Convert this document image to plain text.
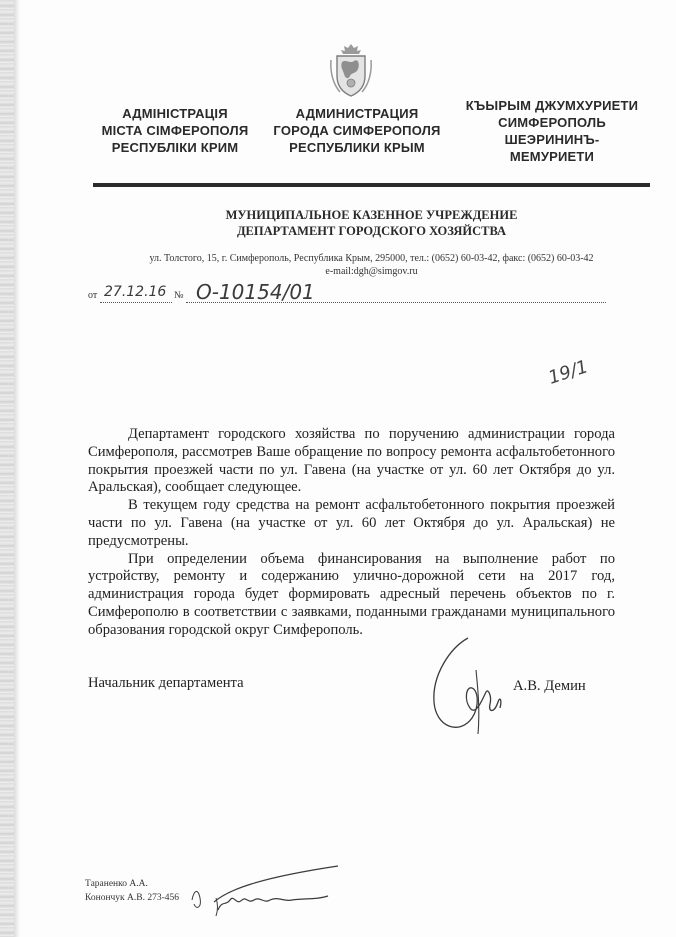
АДМІНІСТРАЦІЯ
МІСТА СІМФЕРОПОЛЯ
РЕСПУБЛІКИ КРИМ
АДМИНИСТРАЦИЯ
ГОРОДА СИМФЕРОПОЛЯ
РЕСПУБЛИКИ КРЫМ
КЪЫРЫМ ДЖУМХУРИЕТИ
СИМФЕРОПОЛЬ
ШЕЭРИНИНЪ-
МЕМУРИЕТИ
МУНИЦИПАЛЬНОЕ КАЗЕННОЕ УЧРЕЖДЕНИЕ
ДЕПАРТАМЕНТ ГОРОДСКОГО ХОЗЯЙСТВА
ул. Толстого, 15, г. Симферополь, Республика Крым, 295000, тел.: (0652) 60-03-42, факс: (0652) 60-03-42
e-mail:dgh@simgov.ru
от 27.12.16 № О-10154/01
19/1

Департамент городского хозяйства по поручению администрации города Симферополя, рассмотрев Ваше обращение по вопросу ремонта асфальтобетонного покрытия проезжей части по ул. Гавена (на участке от ул. 60 лет Октября до ул. Аральская), сообщает следующее.

В текущем году средства на ремонт асфальтобетонного покрытия проезжей части по ул. Гавена (на участке от ул. 60 лет Октября до ул. Аральская) не предусмотрены.

При определении объема финансирования на выполнение работ по устройству, ремонту и содержанию улично-дорожной сети на 2017 год, администрация города будет формировать адресный перечень объектов по г. Симферополю в соответствии с заявками, поданными гражданами муниципального образования городской округ Симферополь.

Начальник департамента	А.В. Демин
Тараненко А.А.
Конончук А.В. 273-456
